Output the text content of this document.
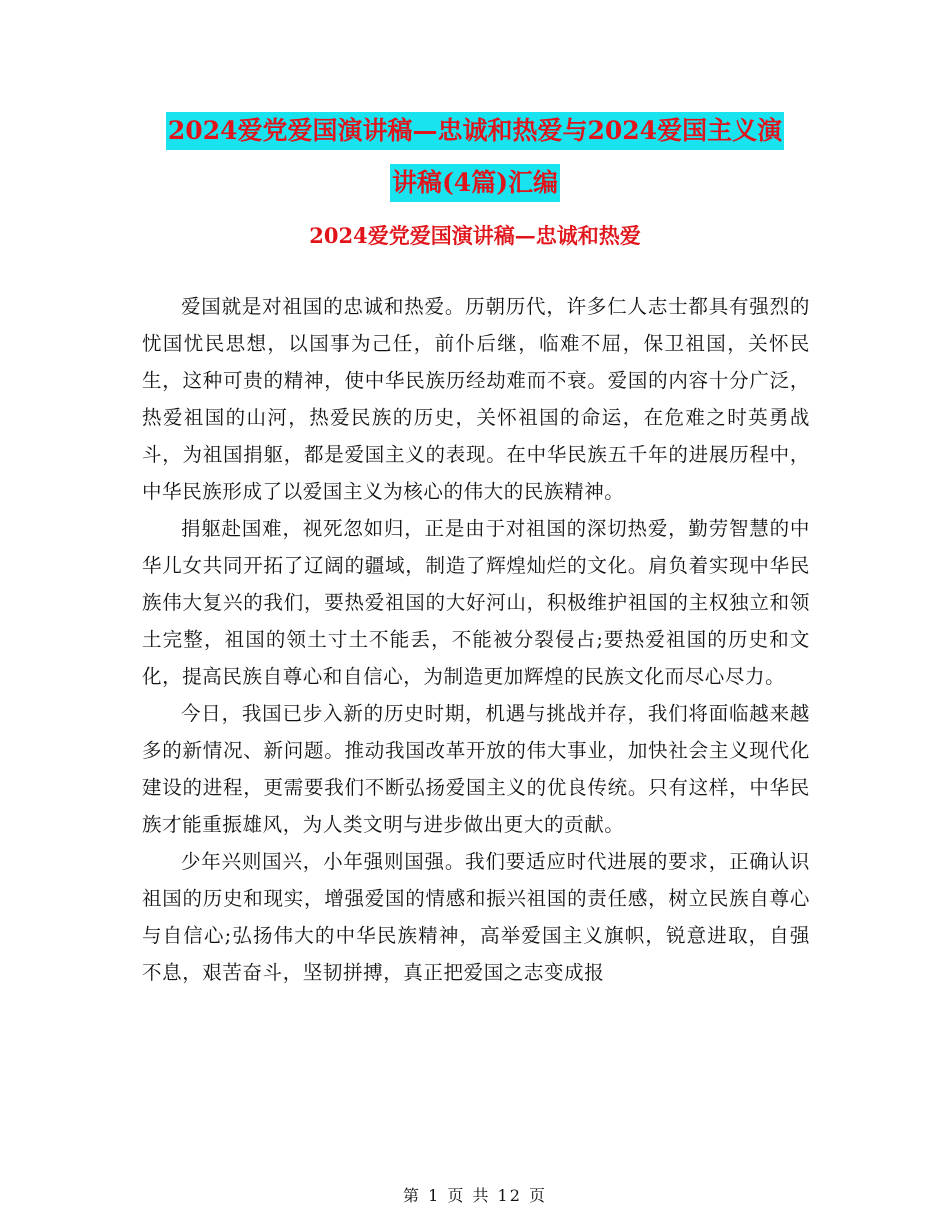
2024爱党爱国演讲稿—忠诚和热爱与2024爱国主义演
讲稿(4篇)汇编
2024爱党爱国演讲稿—忠诚和热爱

爱国就是对祖国的忠诚和热爱。历朝历代，许多仁人志士都具有强烈的忧国忧民思想，以国事为己任，前仆后继，临难不屈，保卫祖国，关怀民生，这种可贵的精神，使中华民族历经劫难而不衰。爱国的内容十分广泛，热爱祖国的山河，热爱民族的历史，关怀祖国的命运，在危难之时英勇战斗，为祖国捐躯，都是爱国主义的表现。在中华民族五千年的进展历程中，中华民族形成了以爱国主义为核心的伟大的民族精神。

捐躯赴国难，视死忽如归，正是由于对祖国的深切热爱，勤劳智慧的中华儿女共同开拓了辽阔的疆域，制造了辉煌灿烂的文化。肩负着实现中华民族伟大复兴的我们，要热爱祖国的大好河山，积极维护祖国的主权独立和领土完整，祖国的领土寸土不能丢，不能被分裂侵占;要热爱祖国的历史和文化，提高民族自尊心和自信心，为制造更加辉煌的民族文化而尽心尽力。

今日，我国已步入新的历史时期，机遇与挑战并存，我们将面临越来越多的新情况、新问题。推动我国改革开放的伟大事业，加快社会主义现代化建设的进程，更需要我们不断弘扬爱国主义的优良传统。只有这样，中华民族才能重振雄风，为人类文明与进步做出更大的贡献。

少年兴则国兴，小年强则国强。我们要适应时代进展的要求，正确认识祖国的历史和现实，增强爱国的情感和振兴祖国的责任感，树立民族自尊心与自信心;弘扬伟大的中华民族精神，高举爱国主义旗帜，锐意进取，自强不息，艰苦奋斗，坚韧拼搏，真正把爱国之志变成报

第 1 页 共 12 页
